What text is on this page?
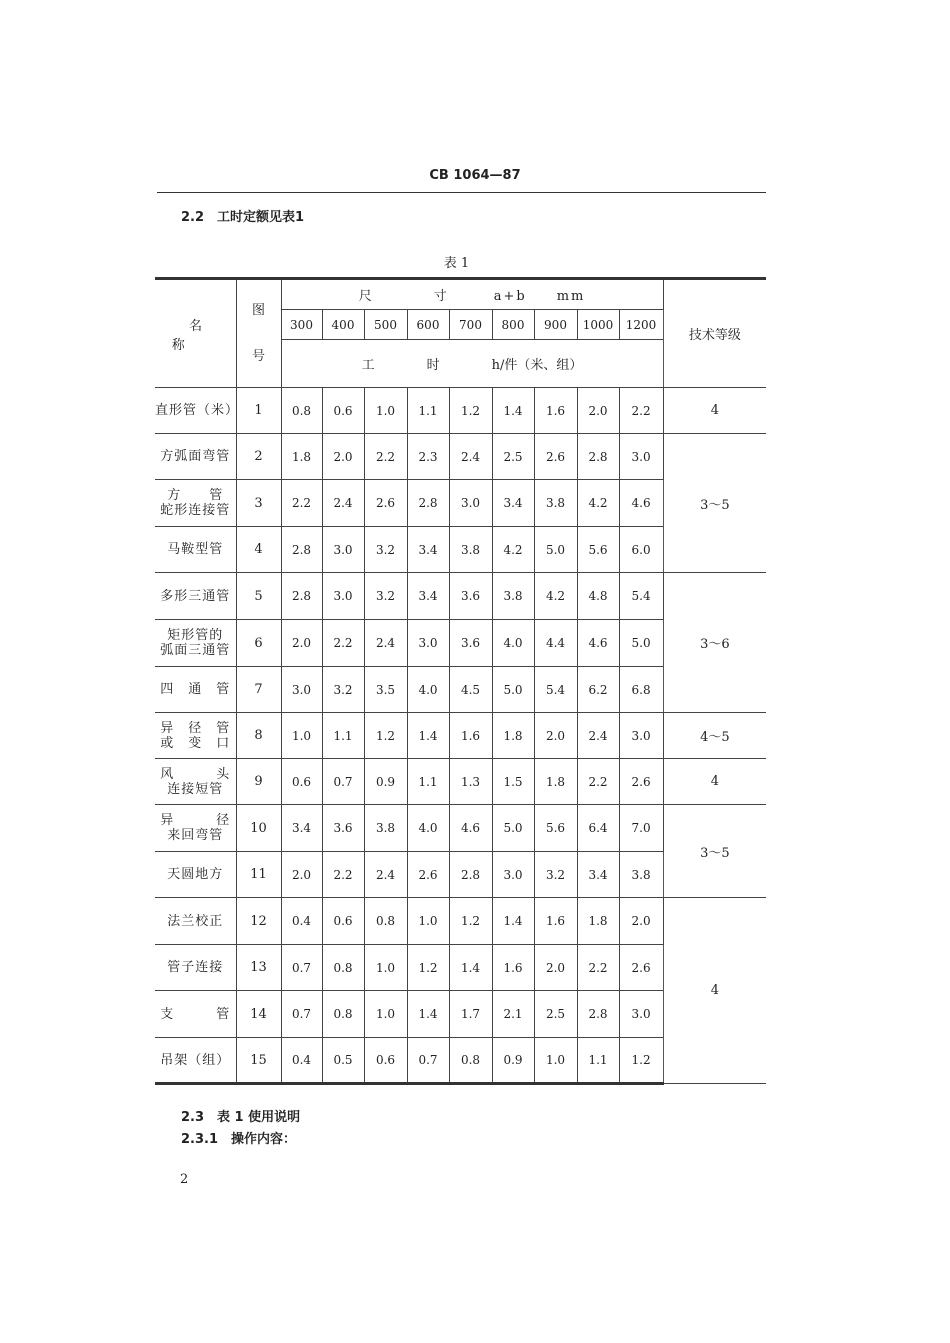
CB 1064—87
2.2　工时定额见表1
表 1
名　称	图号	尺　　　　寸　　　a+b　　mm									技术等级
		300	400	500	600	700	800	900	1000	1200	
		工　　　　时　　　　h/件（米、组）									

直形管（米）	1	0.8	0.6	1.0	1.1	1.2	1.4	1.6	2.0	2.2	4

方弧面弯管	2	1.8	2.0	2.2	2.3	2.4	2.5	2.6	2.8	3.0	3～5

方　　管
蛇形连接管	3	2.2	2.4	2.6	2.8	3.0	3.4	3.8	4.2	4.6	

马鞍型管	4	2.8	3.0	3.2	3.4	3.8	4.2	5.0	5.6	6.0	

多形三通管	5	2.8	3.0	3.2	3.4	3.6	3.8	4.2	4.8	5.4	3～6

矩形管的
弧面三通管	6	2.0	2.2	2.4	3.0	3.6	4.0	4.4	4.6	5.0	

四　通　管	7	3.0	3.2	3.5	4.0	4.5	5.0	5.4	6.2	6.8	

异　径　管
或　变　口	8	1.0	1.1	1.2	1.4	1.6	1.8	2.0	2.4	3.0	4～5

风　　　头
连接短管	9	0.6	0.7	0.9	1.1	1.3	1.5	1.8	2.2	2.6	4

异　　　径
来回弯管	10	3.4	3.6	3.8	4.0	4.6	5.0	5.6	6.4	7.0	3～5

天圆地方	11	2.0	2.2	2.4	2.6	2.8	3.0	3.2	3.4	3.8	

法兰校正	12	0.4	0.6	0.8	1.0	1.2	1.4	1.6	1.8	2.0	4

管子连接	13	0.7	0.8	1.0	1.2	1.4	1.6	2.0	2.2	2.6	

支　　　管	14	0.7	0.8	1.0	1.4	1.7	2.1	2.5	2.8	3.0	

吊架（组）	15	0.4	0.5	0.6	0.7	0.8	0.9	1.0	1.1	1.2	
2.3　表 1 使用说明
2.3.1　操作内容：
2
